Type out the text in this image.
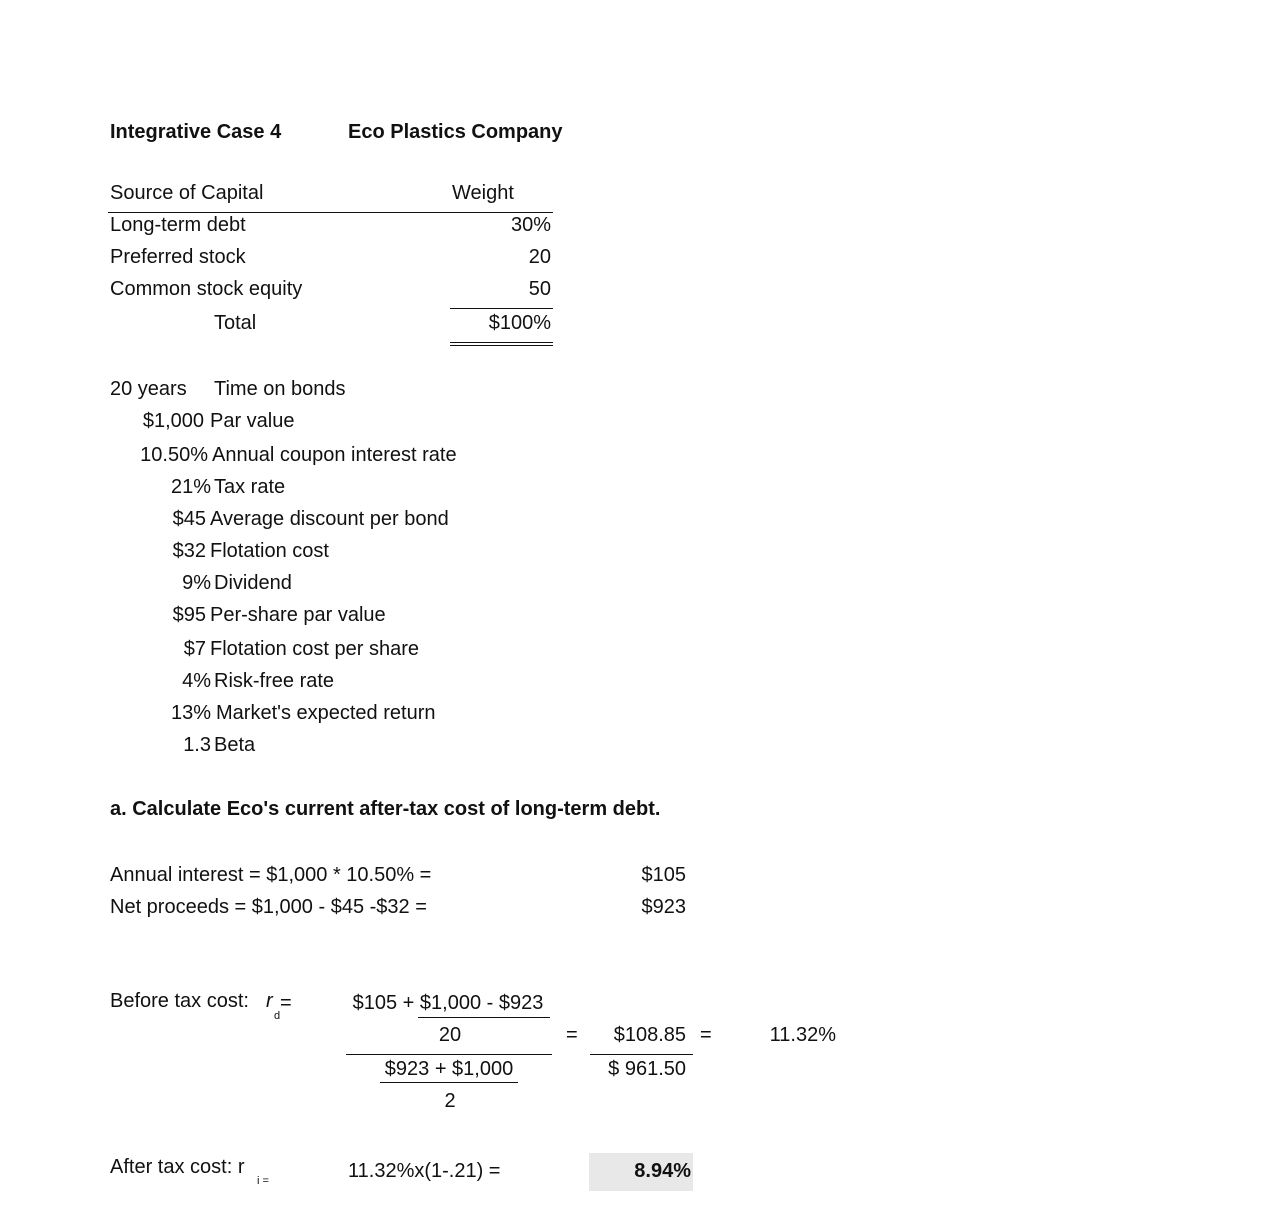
Integrative Case 4	Eco Plastics Company
Source of Capital	Weight
Long-term debt	30%
Preferred stock	20
Common stock equity	50
Total	$100%
20 years Time on bonds
$1,000 Par value
10.50% Annual coupon interest rate
21% Tax rate
$45 Average discount per bond
$32 Flotation cost
9% Dividend
$95 Per-share par value
$7 Flotation cost per share
4% Risk-free rate
13% Market's expected return
1.3 Beta
a. Calculate Eco's current after-tax cost of long-term debt.
Annual interest = $1,000 * 10.50% =	$105
Net proceeds = $1,000 - $45 -$32 =	$923
Before tax cost: r
d
=	$105 + $1,000 - $923
20
$923 + $1,000
2
=	$108.85
$ 961.50
=	11.32%
After tax cost: r
i =	11.32%x(1-.21) =	8.94%
